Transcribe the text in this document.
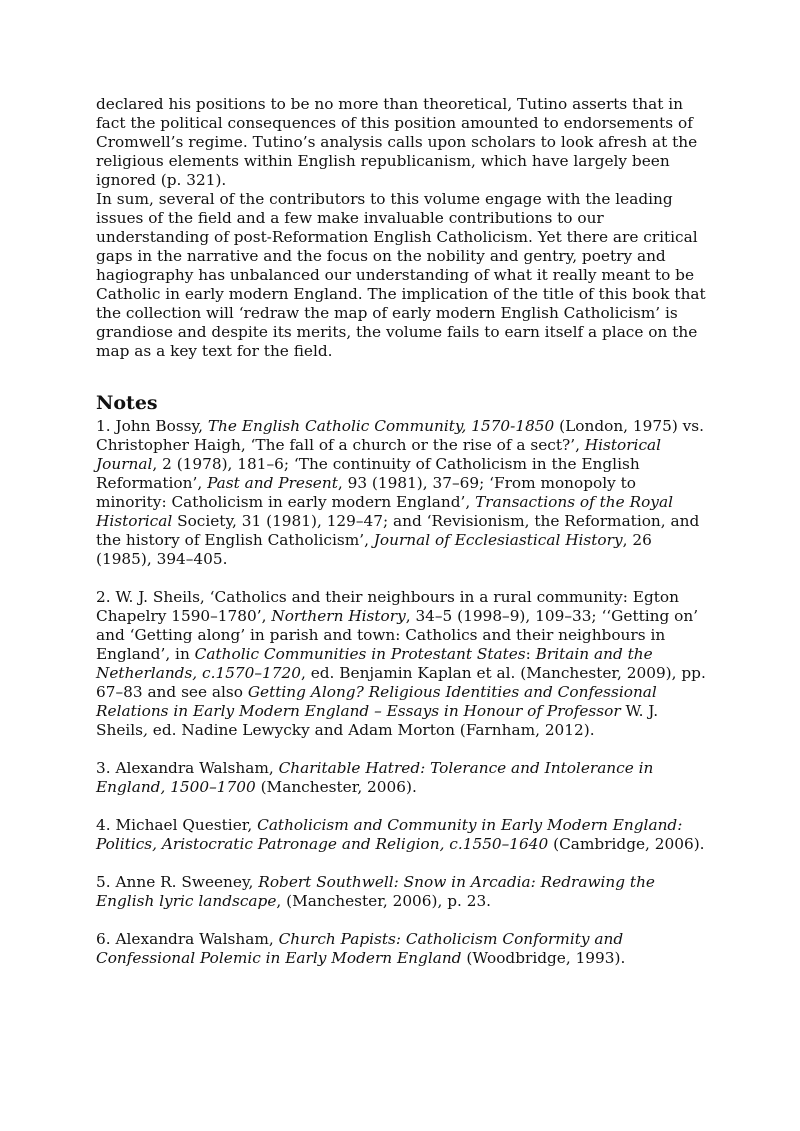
declared his positions to be no more than theoretical, Tutino asserts that in fact the political consequences of this position amounted to endorsements of Cromwell’s regime. Tutino’s analysis calls upon scholars to look afresh at the religious elements within English republicanism, which have largely been ignored (p. 321).

In sum, several of the contributors to this volume engage with the leading issues of the field and a few make invaluable contributions to our understanding of post-Reformation English Catholicism. Yet there are critical gaps in the narrative and the focus on the nobility and gentry, poetry and hagiography has unbalanced our understanding of what it really meant to be Catholic in early modern England. The implication of the title of this book that the collection will ‘redraw the map of early modern English Catholicism’ is grandiose and despite its merits, the volume fails to earn itself a place on the map as a key text for the field.

Notes

1. John Bossy, The English Catholic Community, 1570-1850 (London, 1975) vs. Christopher Haigh, ‘The fall of a church or the rise of a sect?’, Historical Journal, 2 (1978), 181–6; ‘The continuity of Catholicism in the English Reformation’, Past and Present, 93 (1981), 37–69; ‘From monopoly to minority: Catholicism in early modern England’, Transactions of the Royal Historical Society, 31 (1981), 129–47; and ‘Revisionism, the Reformation, and the history of English Catholicism’, Journal of Ecclesiastical History, 26 (1985), 394–405.

2. W. J. Sheils, ‘Catholics and their neighbours in a rural community: Egton Chapelry 1590–1780’, Northern History, 34–5 (1998–9), 109–33; ‘‘Getting on’ and ‘Getting along’ in parish and town: Catholics and their neighbours in England’, in Catholic Communities in Protestant States: Britain and the Netherlands, c.1570–1720, ed. Benjamin Kaplan et al. (Manchester, 2009), pp. 67–83 and see also Getting Along? Religious Identities and Confessional Relations in Early Modern England – Essays in Honour of Professor W. J. Sheils, ed. Nadine Lewycky and Adam Morton (Farnham, 2012).

3. Alexandra Walsham, Charitable Hatred: Tolerance and Intolerance in England, 1500–1700 (Manchester, 2006).

4. Michael Questier, Catholicism and Community in Early Modern England: Politics, Aristocratic Patronage and Religion, c.1550–1640 (Cambridge, 2006).

5. Anne R. Sweeney, Robert Southwell: Snow in Arcadia: Redrawing the English lyric landscape, (Manchester, 2006), p. 23.

6. Alexandra Walsham, Church Papists: Catholicism Conformity and Confessional Polemic in Early Modern England (Woodbridge, 1993).
